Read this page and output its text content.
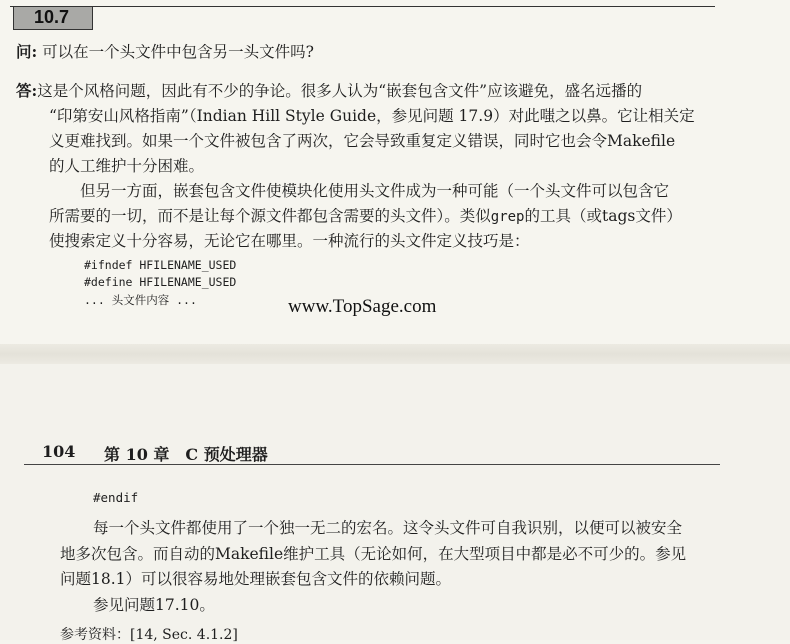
10.7
问: 可以在一个头文件中包含另一头文件吗?
答:这是个风格问题，因此有不少的争论。很多人认为“嵌套包含文件”应该避免，盛名远播的
“印第安山风格指南”（Indian Hill Style Guide，参见问题 17.9）对此嗤之以鼻。它让相关定
义更难找到。如果一个文件被包含了两次，它会导致重复定义错误，同时它也会令Makefile
的人工维护十分困难。
但另一方面，嵌套包含文件使模块化使用头文件成为一种可能（一个头文件可以包含它
所需要的一切，而不是让每个源文件都包含需要的头文件）。类似grep的工具（或tags文件）
使搜索定义十分容易，无论它在哪里。一种流行的头文件定义技巧是：
#ifndef HFILENAME_USED
#define HFILENAME_USED
... 头文件内容 ...	www.TopSage.com
104 第 10 章　C 预处理器
#endif
每一个头文件都使用了一个独一无二的宏名。这令头文件可自我识别，以便可以被安全
地多次包含。而自动的Makefile维护工具（无论如何，在大型项目中都是必不可少的。参见
问题18.1）可以很容易地处理嵌套包含文件的依赖问题。
参见问题17.10。
参考资料：[14, Sec. 4.1.2]
